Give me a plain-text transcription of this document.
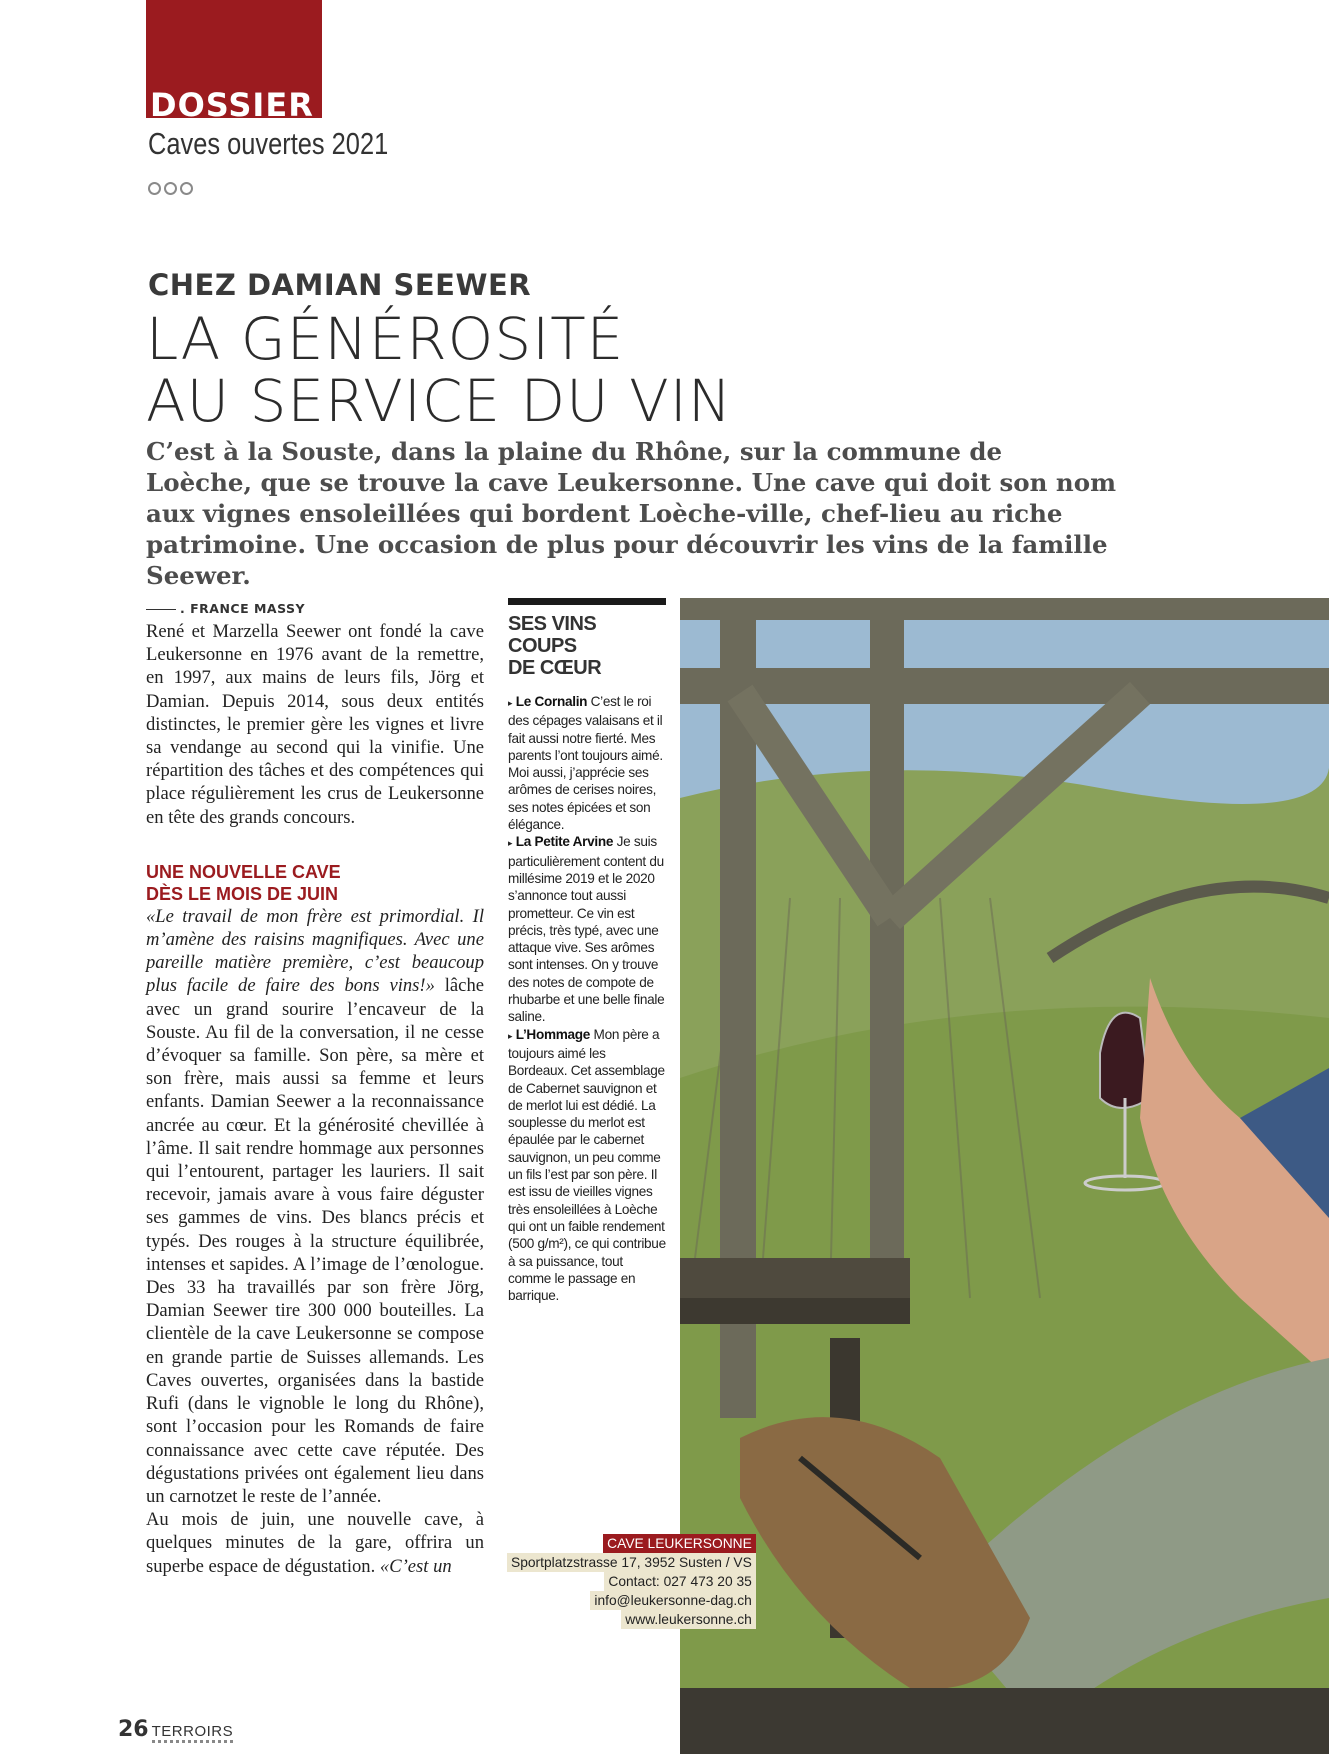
DOSSIER
Caves ouvertes 2021
CHEZ DAMIAN SEEWER
LA GÉNÉROSITÉ
AU SERVICE DU VIN
C’est à la Souste, dans la plaine du Rhône, sur la commune de Loèche, que se trouve la cave Leukersonne. Une cave qui doit son nom aux vignes ensoleillées qui bordent Loèche-ville, chef-lieu au riche patrimoine. Une occasion de plus pour découvrir les vins de la famille Seewer.
. FRANCE MASSY

René et Marzella Seewer ont fondé la cave Leukersonne en 1976 avant de la remettre, en 1997, aux mains de leurs fils, Jörg et Damian. Depuis 2014, sous deux entités distinctes, le premier gère les vignes et livre sa vendange au second qui la vinifie. Une répartition des tâches et des compétences qui place régulièrement les crus de Leukersonne en tête des grands concours.

UNE NOUVELLE CAVE
DÈS LE MOIS DE JUIN

«Le travail de mon frère est primordial. Il m’amène des raisins magnifiques. Avec une pareille matière première, c’est beaucoup plus facile de faire des bons vins!» lâche avec un grand sourire l’encaveur de la Souste. Au fil de la conversation, il ne cesse d’évoquer sa famille. Son père, sa mère et son frère, mais aussi sa femme et leurs enfants. Damian Seewer a la reconnaissance ancrée au cœur. Et la générosité chevillée à l’âme. Il sait rendre hommage aux personnes qui l’entourent, partager les lauriers. Il sait recevoir, jamais avare à vous faire déguster ses gammes de vins. Des blancs précis et typés. Des rouges à la structure équilibrée, intenses et sapides. A l’image de l’œnologue. Des 33 ha travaillés par son frère Jörg, Damian Seewer tire 300 000 bouteilles. La clientèle de la cave Leukersonne se compose en grande partie de Suisses allemands. Les Caves ouvertes, organisées dans la bastide Rufi (dans le vignoble le long du Rhône), sont l’occasion pour les Romands de faire connaissance avec cette cave réputée. Des dégustations privées ont également lieu dans un carnotzet le reste de l’année.

Au mois de juin, une nouvelle cave, à quelques minutes de la gare, offrira un superbe espace de dégustation. «C’est un

SES VINS COUPS
DE CŒUR

▸ Le Cornalin C’est le roi des cépages valaisans et il fait aussi notre fierté. Mes parents l’ont toujours aimé. Moi aussi, j’apprécie ses arômes de cerises noires, ses notes épicées et son élégance.

▸ La Petite Arvine Je suis particulièrement content du millésime 2019 et le 2020 s’annonce tout aussi prometteur. Ce vin est précis, très typé, avec une attaque vive. Ses arômes sont intenses. On y trouve des notes de compote de rhubarbe et une belle finale saline.

▸ L’Hommage Mon père a toujours aimé les Bordeaux. Cet assemblage de Cabernet sauvignon et de merlot lui est dédié. La souplesse du merlot est épaulée par le cabernet sauvignon, un peu comme un fils l’est par son père. Il est issu de vieilles vignes très ensoleillées à Loèche qui ont un faible rendement (500 g/m²), ce qui contribue à sa puissance, tout comme le passage en barrique.

CAVE LEUKERSONNE
Sportplatzstrasse 17, 3952 Susten / VS
Contact: 027 473 20 35
info@leukersonne-dag.ch
www.leukersonne.ch
26 TERROIRS
